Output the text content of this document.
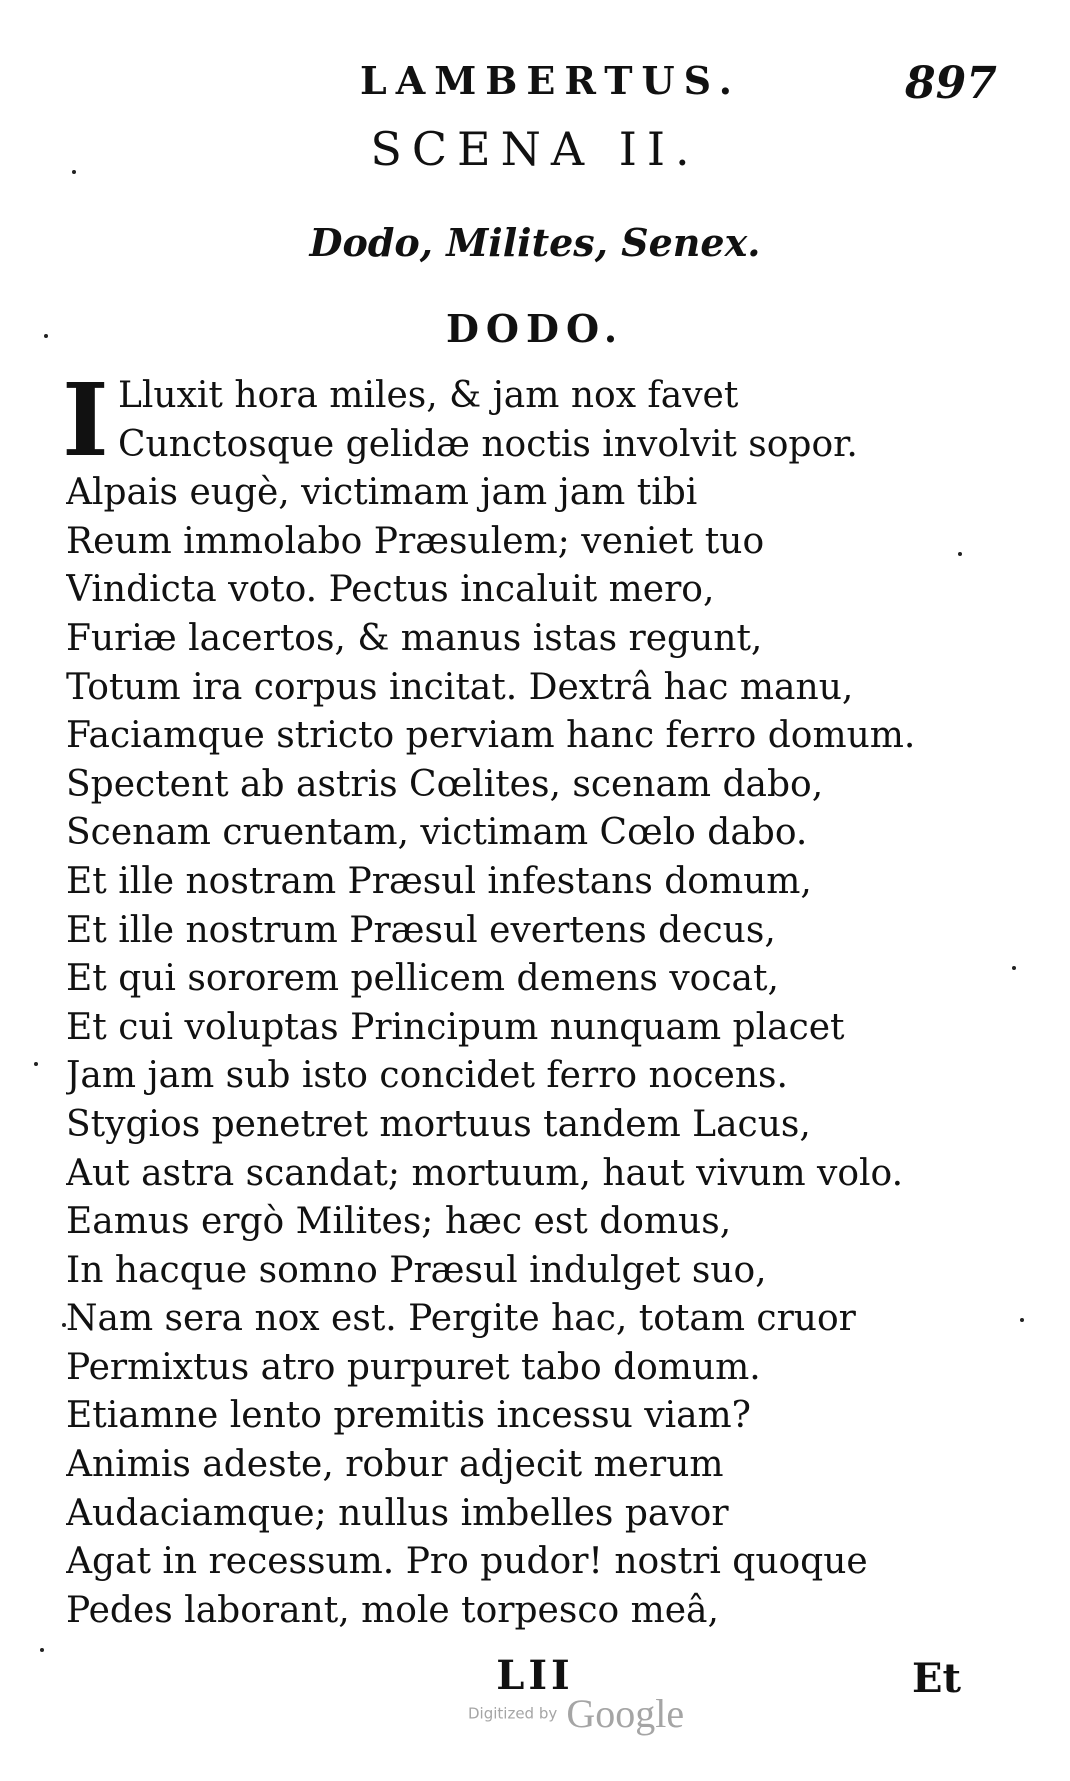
LAMBERTUS.	897
SCENA II.
Dodo, Milites, Senex.
DODO.
I Lluxit hora miles, & jam nox favet
Cunctosque gelidæ noctis involvit sopor.
Alpais eugè, victimam jam jam tibi
Reum immolabo Præsulem; veniet tuo
Vindicta voto. Pectus incaluit mero,
Furiæ lacertos, & manus istas regunt,
Totum ira corpus incitat. Dextrâ hac manu,
Faciamque stricto perviam hanc ferro domum.
Spectent ab astris Cœlites, scenam dabo,
Scenam cruentam, victimam Cœlo dabo.
Et ille nostram Præsul infestans domum,
Et ille nostrum Præsul evertens decus,
Et qui sororem pellicem demens vocat,
Et cui voluptas Principum nunquam placet
Jam jam sub isto concidet ferro nocens.
Stygios penetret mortuus tandem Lacus,
Aut astra scandat; mortuum, haut vivum volo.
Eamus ergò Milites; hæc est domus,
In hacque somno Præsul indulget suo,
Nam sera nox est. Pergite hac, totam cruor
Permixtus atro purpuret tabo domum.
Etiamne lento premitis incessu viam?
Animis adeste, robur adjecit merum
Audaciamque; nullus imbelles pavor
Agat in recessum. Pro pudor! nostri quoque
Pedes laborant, mole torpesco meâ,
LII	Et
Digitized by Google
